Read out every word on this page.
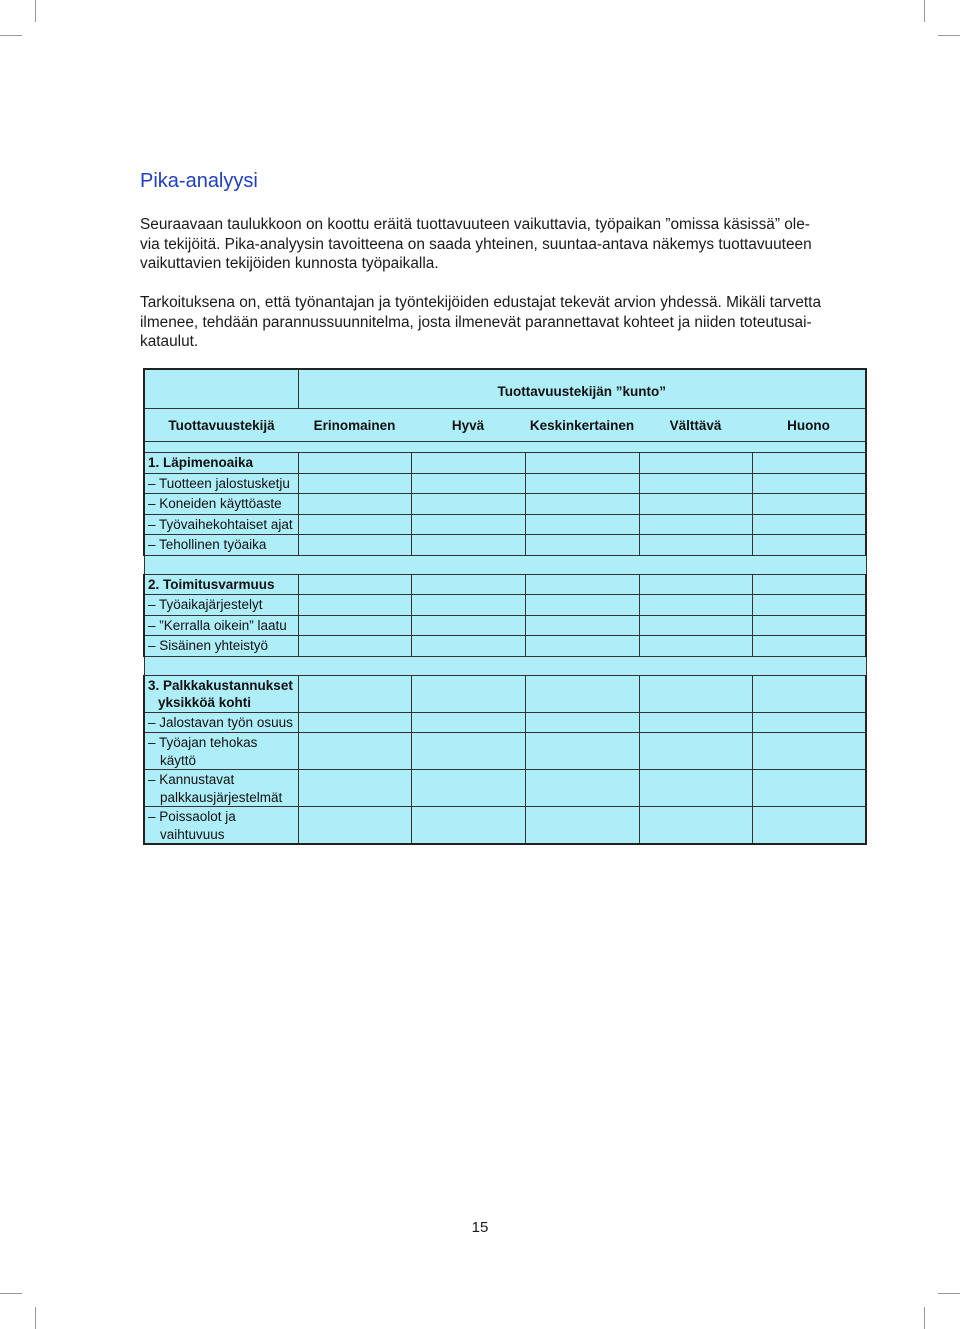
Pika-analyysi

Seuraavaan taulukkoon on koottu eräitä tuottavuuteen vaikuttavia, työpaikan ”omissa käsissä” ole-
via tekijöitä. Pika-analyysin tavoitteena on saada yhteinen, suuntaa-antava näkemys tuottavuuteen
vaikuttavien tekijöiden kunnosta työpaikalla.

Tarkoituksena on, että työnantajan ja työntekijöiden edustajat tekevät arvion yhdessä. Mikäli tarvetta
ilmenee, tehdään parannussuunnitelma, josta ilmenevät parannettavat kohteet ja niiden toteutusai-
kataulut.

	Tuottavuustekijän ”kunto”				
Tuottavuustekijä	Erinomainen	Hyvä	Keskinkertainen	Välttävä	Huono

1. Läpimenoaika					
– Tuotteen jalostusketju					
– Koneiden käyttöaste					
– Työvaihekohtaiset ajat					
– Tehollinen työaika					

2. Toimitusvarmuus					
– Työaikajärjestelyt					
– ”Kerralla oikein” laatu					
– Sisäinen yhteistyö					

3. Palkkakustannukset
yksikköä kohti					

– Jalostavan työn osuus					

– Työajan tehokas
käyttö					

– Kannustavat
palkkausjärjestelmät					

– Poissaolot ja
vaihtuvuus					

15
